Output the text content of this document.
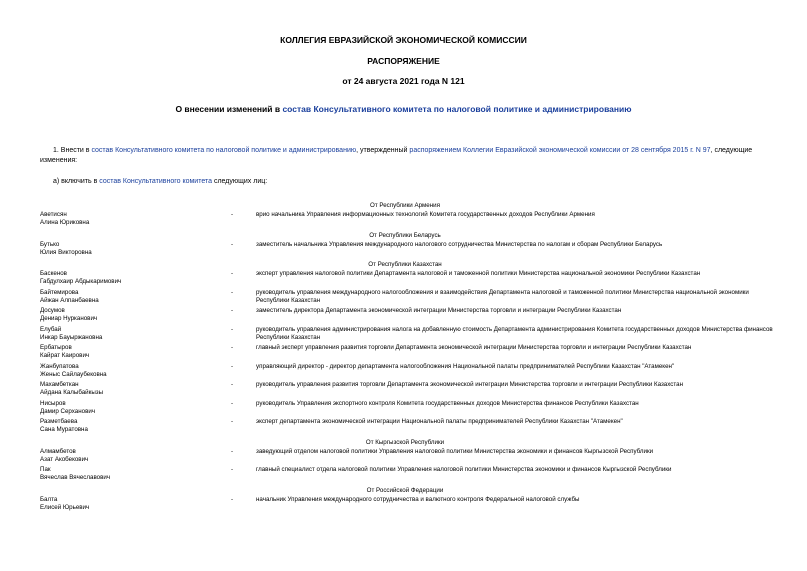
КОЛЛЕГИЯ ЕВРАЗИЙСКОЙ ЭКОНОМИЧЕСКОЙ КОМИССИИ
РАСПОРЯЖЕНИЕ
от 24 августа 2021 года N 121
О внесении изменений в состав Консультативного комитета по налоговой политике и администрированию
1. Внести в состав Консультативного комитета по налоговой политике и администрированию, утвержденный распоряжением Коллегии Евразийской экономической комиссии от 28 сентября 2015 г. N 97, следующие
изменения:
а) включить в состав Консультативного комитета следующих лиц:
От Республики Армения
Аветисян
Алина Юриковна
-	врио начальника Управления информационных технологий Комитета государственных доходов Республики Армения
От Республики Беларусь
Бутько
Юлия Викторовна
-	заместитель начальника Управления международного налогового сотрудничества Министерства по налогам и сборам Республики Беларусь
От Республики Казахстан
Баскенов
Габдулхаир Абдыкаримович
-	эксперт управления налоговой политики Департамента налоговой и таможенной политики Министерства национальной экономики Республики Казахстан
Байтемирова
Айжан Алпанбаевна
-	руководитель управления международного налогообложения и взаимодействия Департамента налоговой и таможенной политики Министерства национальной экономики Республики Казахстан
Досумов
Дениар Нурканович
-	заместитель директора Департамента экономической интеграции Министерства торговли и интеграции Республики Казахстан
Елубай
Инкар Бауыржановна
-	руководитель управления администрирования налога на добавленную стоимость Департамента администрирования Комитета государственных доходов Министерства финансов Республики Казахстан
Ербатыров
Кайрат Каирович
-	главный эксперт управления развития торговли Департамента экономической интеграции Министерства торговли и интеграции Республики Казахстан
Жанбупатова
Женыс Сайлаубековна
-	управляющий директор - директор департамента налогообложения Национальной палаты предпринимателей Республики Казахстан "Атамекен"
Махамбеткан
Айдана Калыбайкызы
-	руководитель управления развития торговли Департамента экономической интеграции Министерства торговли и интеграции Республики Казахстан
Нисыров
Дамир Серханович
-	руководитель Управления экспортного контроля Комитета государственных доходов Министерства финансов Республики Казахстан
Разметбаева
Сана Муратовна
-	эксперт департамента экономической интеграции Национальной палаты предпринимателей Республики Казахстан "Атамекен"
От Кыргызской Республики
Алмамбетов
Азат Акобекович
-	заведующий отделом налоговой политики Управления налоговой политики Министерства экономики и финансов Кыргызской Республики
Пак
Вячеслав Вячеславович
-	главный специалист отдела налоговой политики Управления налоговой политики Министерства экономики и финансов Кыргызской Республики
От Российской Федерации
Балта
Елисей Юрьевич
-	начальник Управления международного сотрудничества и валютного контроля Федеральной налоговой службы
